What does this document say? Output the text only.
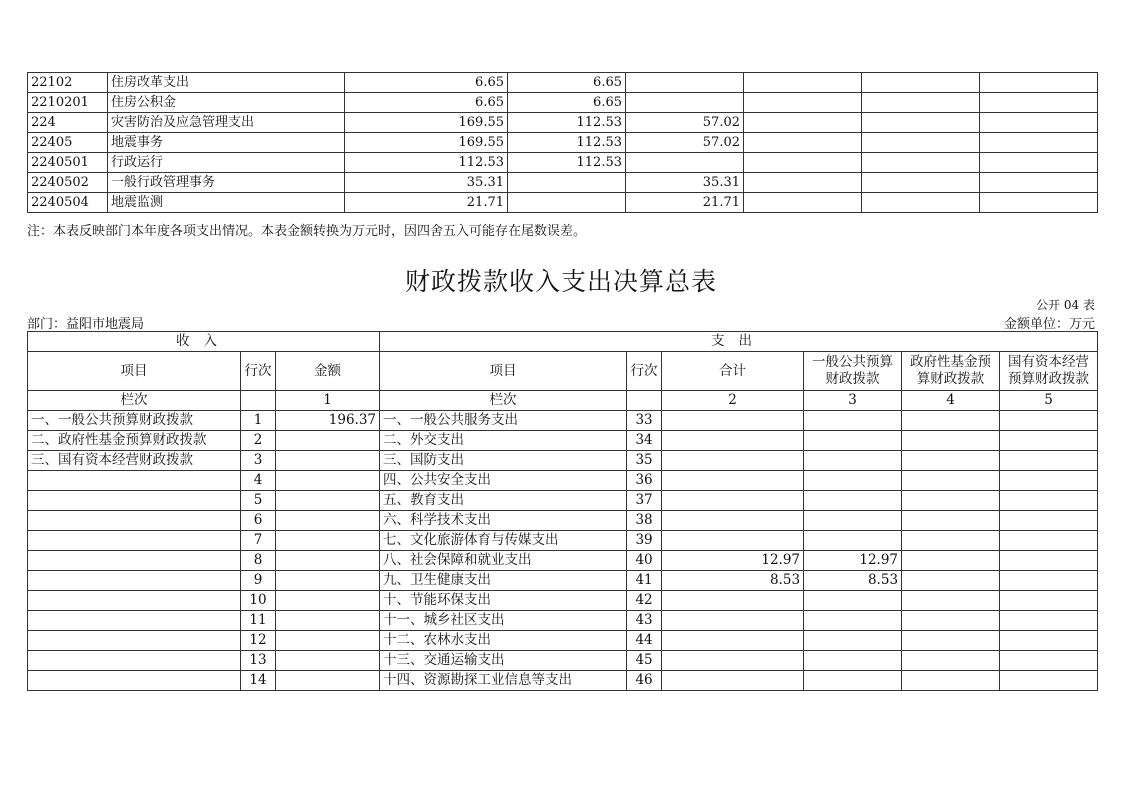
22102	住房改革支出	6.65	6.65				
2210201	住房公积金	6.65	6.65				
224	灾害防治及应急管理支出	169.55	112.53	57.02			
22405	地震事务	169.55	112.53	57.02			
2240501	行政运行	112.53	112.53				
2240502	一般行政管理事务	35.31		35.31			
2240504	地震监测	21.71		21.71			
注：本表反映部门本年度各项支出情况。本表金额转换为万元时，因四舍五入可能存在尾数误差。
财政拨款收入支出决算总表
公开 04 表
部门：益阳市地震局	金额单位：万元
收入			支出					
项目	行次	金额	项目	行次	合计	一般公共预算财政拨款	政府性基金预算财政拨款	国有资本经营预算财政拨款
栏次		1	栏次		2	3	4	5
一、一般公共预算财政拨款	1	196.37	一、一般公共服务支出	33				
二、政府性基金预算财政拨款	2		二、外交支出	34				
三、国有资本经营财政拨款	3		三、国防支出	35				
	4		四、公共安全支出	36				
	5		五、教育支出	37				
	6		六、科学技术支出	38				
	7		七、文化旅游体育与传媒支出	39				
	8		八、社会保障和就业支出	40	12.97	12.97		
	9		九、卫生健康支出	41	8.53	8.53		
	10		十、节能环保支出	42				
	11		十一、城乡社区支出	43				
	12		十二、农林水支出	44				
	13		十三、交通运输支出	45				
	14		十四、资源勘探工业信息等支出	46				
